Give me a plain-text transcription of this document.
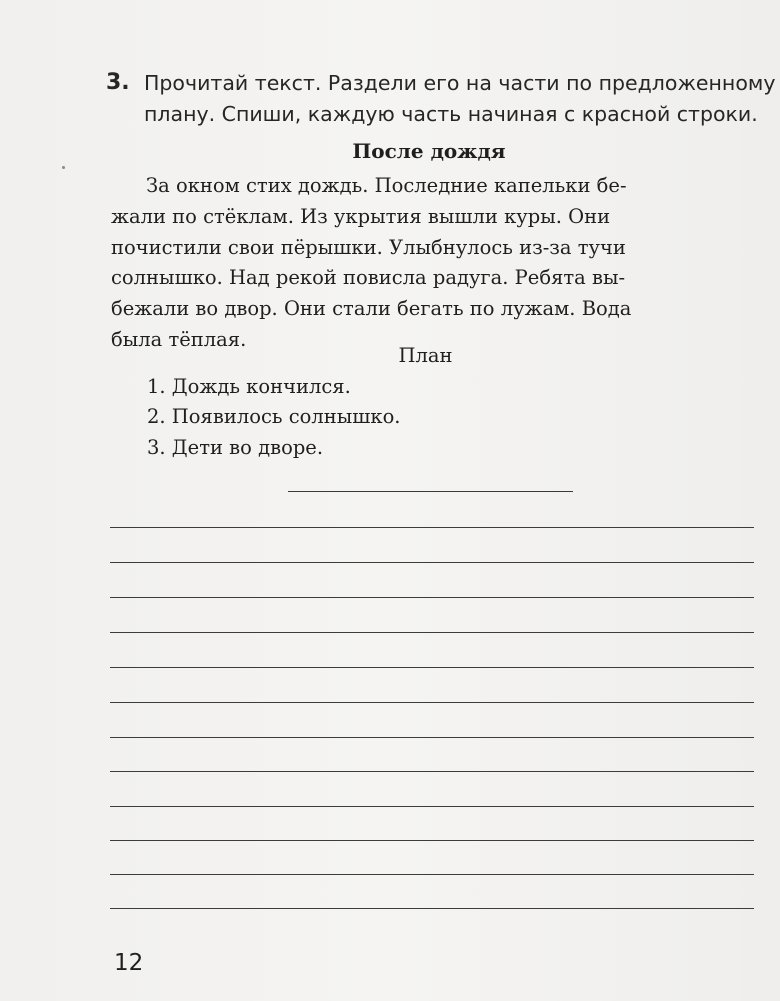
3. Прочитай текст. Раздели его на части по предложенному
плану. Спиши, каждую часть начиная с красной строки.
После дождя
За окном стих дождь. Последние капельки бе-
жали по стёклам. Из укрытия вышли куры. Они
почистили свои пёрышки. Улыбнулось из-за тучи
солнышко. Над рекой повисла радуга. Ребята вы-
бежали во двор. Они стали бегать по лужам. Вода
была тёплая.
План
1. Дождь кончился.
2. Появилось солнышко.
3. Дети во дворе.
12
